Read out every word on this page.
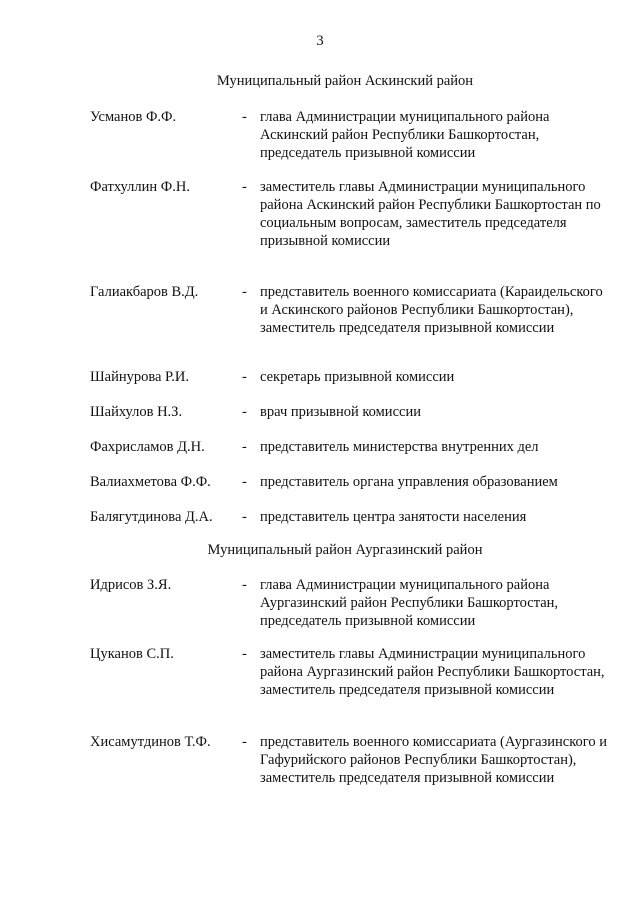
3
Муниципальный район Аскинский район
Усманов Ф.Ф.	- глава Администрации муниципального района Аскинский район Республики Башкортостан, председатель призывной комиссии
Фатхуллин Ф.Н.	- заместитель главы Администрации муниципального района Аскинский район Республики Башкортостан по социальным вопросам, заместитель председателя призывной комиссии
Галиакбаров В.Д.	- представитель военного комиссариата (Караидельского и Аскинского районов Республики Башкортостан), заместитель председателя призывной комиссии
Шайнурова Р.И.	- секретарь призывной комиссии
Шайхулов Н.З.	- врач призывной комиссии
Фахрисламов Д.Н.	- представитель министерства внутренних дел
Валиахметова Ф.Ф. - представитель органа управления образованием
Балягутдинова Д.А. - представитель центра занятости населения
Муниципальный район Аургазинский район
Идрисов З.Я.	- глава Администрации муниципального района Аургазинский район Республики Башкортостан, председатель призывной комиссии
Цуканов С.П.	- заместитель главы Администрации муниципального района Аургазинский район Республики Башкортостан, заместитель председателя призывной комиссии
Хисамутдинов Т.Ф. - представитель военного комиссариата (Аургазинского и Гафурийского районов Республики Башкортостан), заместитель председателя призывной комиссии
